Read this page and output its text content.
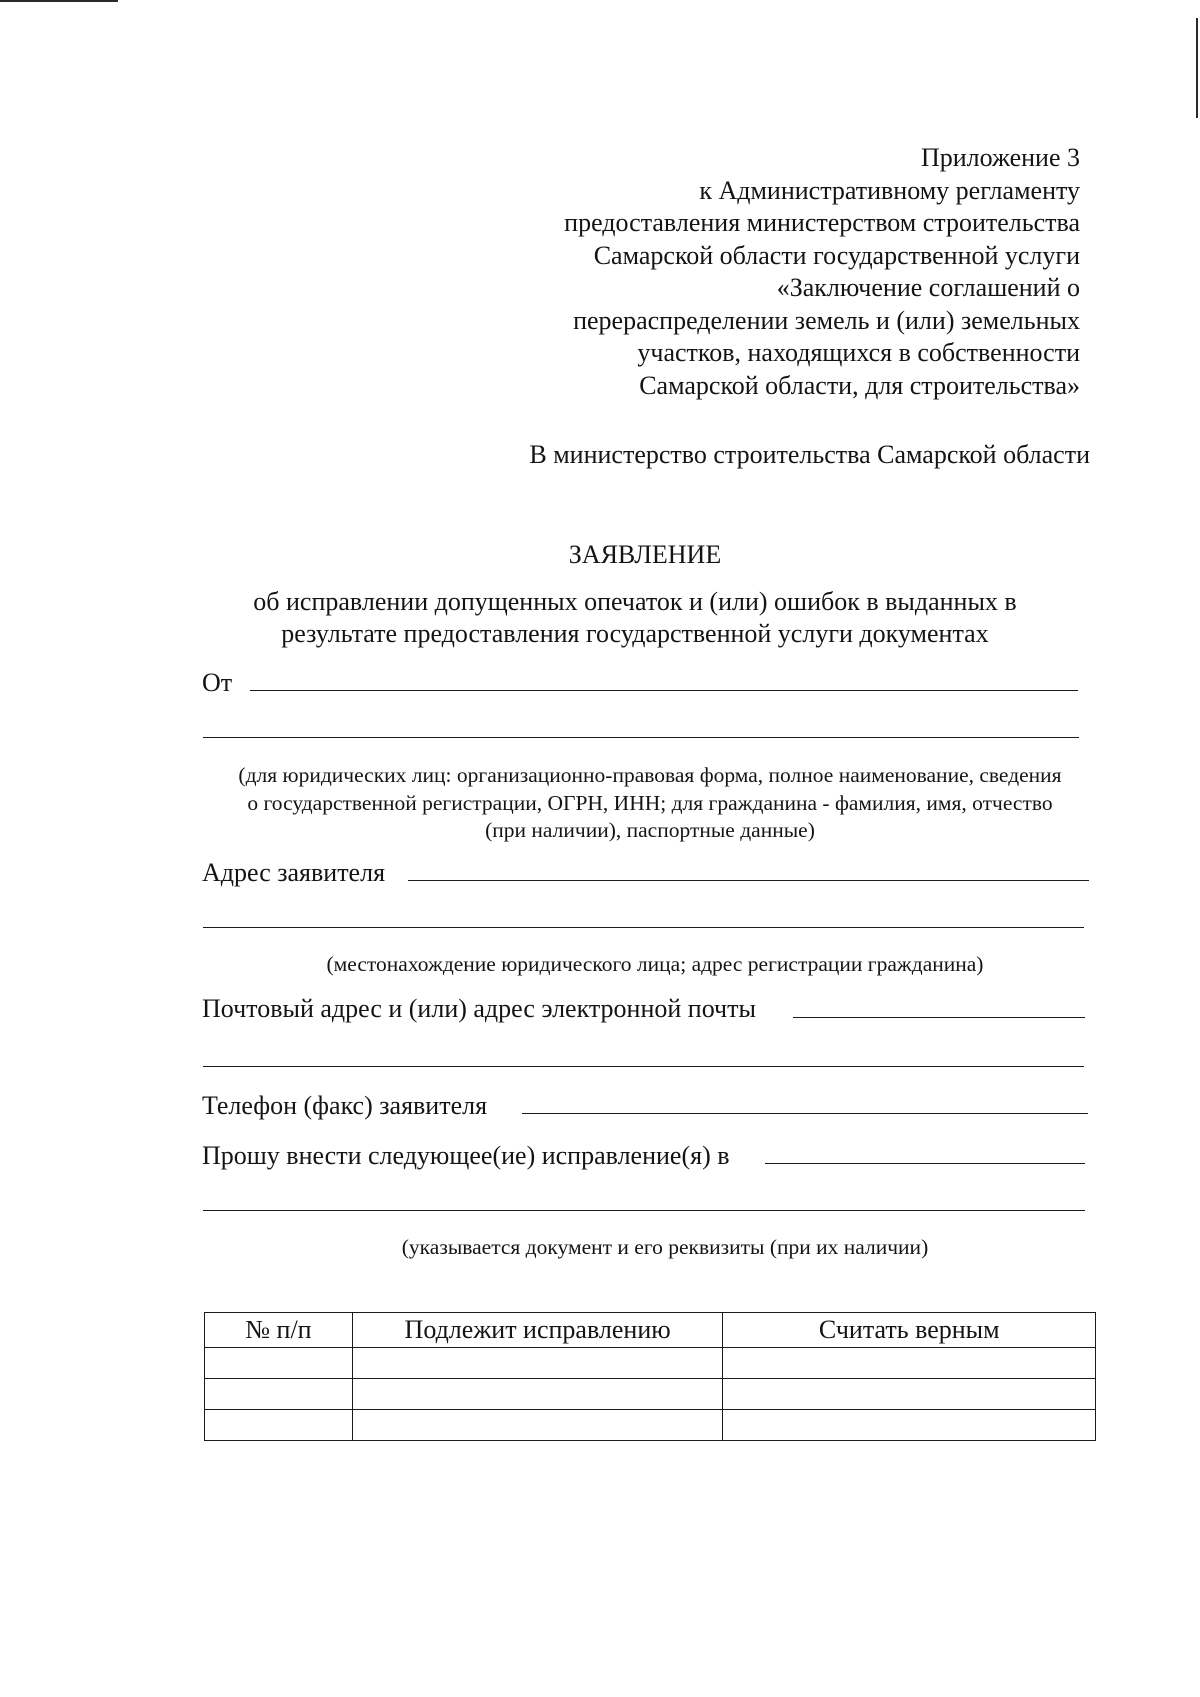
Приложение 3
к Административному регламенту
предоставления министерством строительства
Самарской области государственной услуги
«Заключение соглашений о
перераспределении земель и (или) земельных
участков, находящихся в собственности
Самарской области, для строительства»
В министерство строительства Самарской области
ЗАЯВЛЕНИЕ
об исправлении допущенных опечаток и (или) ошибок в выданных в
результате предоставления государственной услуги документах
От
(для юридических лиц: организационно-правовая форма, полное наименование, сведения
о государственной регистрации, ОГРН, ИНН; для гражданина - фамилия, имя, отчество
(при наличии), паспортные данные)
Адрес заявителя
(местонахождение юридического лица; адрес регистрации гражданина)
Почтовый адрес и (или) адрес электронной почты
Телефон (факс) заявителя
Прошу внести следующее(ие) исправление(я) в
(указывается документ и его реквизиты (при их наличии)
№ п/п	Подлежит исправлению	Считать верным
